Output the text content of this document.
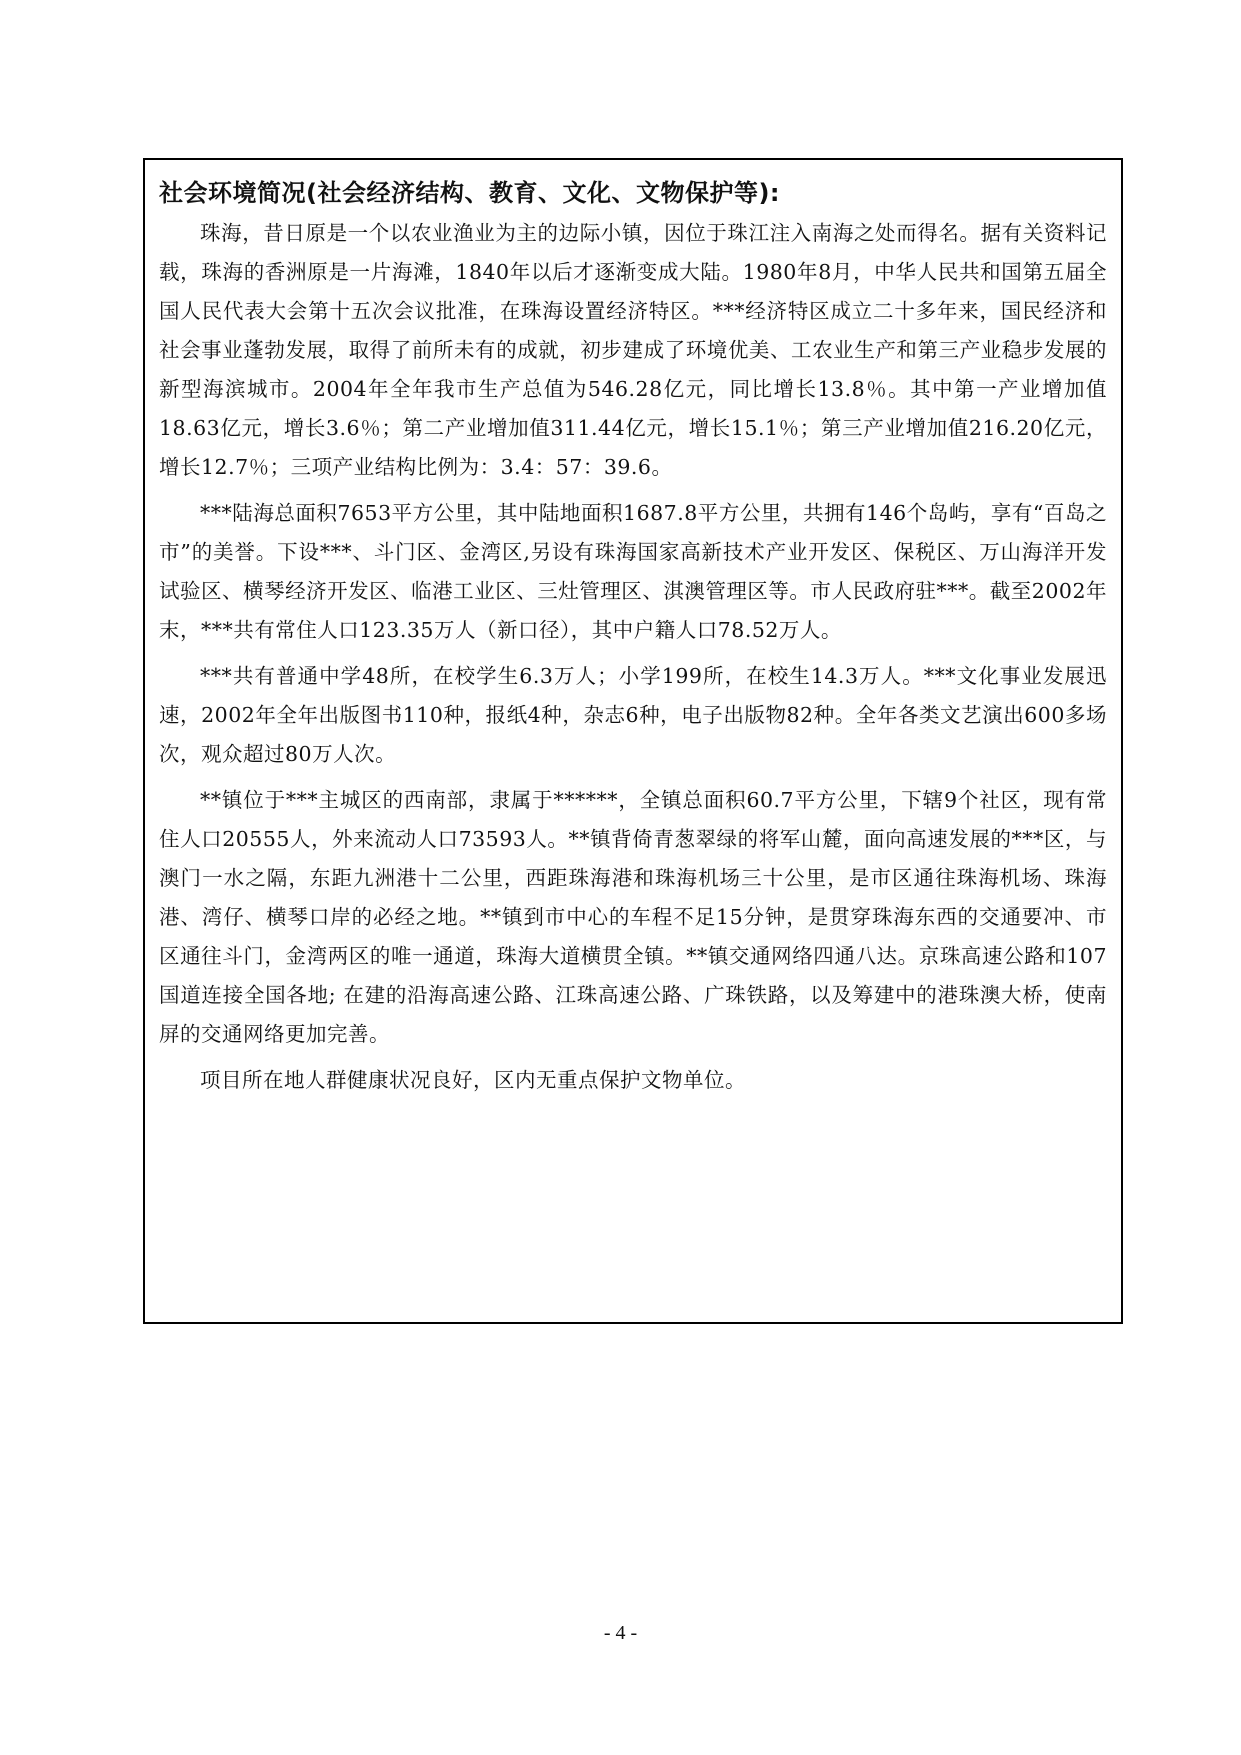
社会环境简况(社会经济结构、教育、文化、文物保护等):

珠海，昔日原是一个以农业渔业为主的边际小镇，因位于珠江注入南海之处而得名。据有关资料记载，珠海的香洲原是一片海滩，1840年以后才逐渐变成大陆。1980年8月，中华人民共和国第五届全国人民代表大会第十五次会议批准，在珠海设置经济特区。***经济特区成立二十多年来，国民经济和社会事业蓬勃发展，取得了前所未有的成就，初步建成了环境优美、工农业生产和第三产业稳步发展的新型海滨城市。2004年全年我市生产总值为546.28亿元，同比增长13.8％。其中第一产业增加值18.63亿元，增长3.6％；第二产业增加值311.44亿元，增长15.1％；第三产业增加值216.20亿元，增长12.7％；三项产业结构比例为：3.4：57：39.6。

***陆海总面积7653平方公里，其中陆地面积1687.8平方公里，共拥有146个岛屿，享有“百岛之市”的美誉。下设***、斗门区、金湾区,另设有珠海国家高新技术产业开发区、保税区、万山海洋开发试验区、横琴经济开发区、临港工业区、三灶管理区、淇澳管理区等。市人民政府驻***。截至2002年末，***共有常住人口123.35万人（新口径），其中户籍人口78.52万人。

***共有普通中学48所，在校学生6.3万人；小学199所，在校生14.3万人。***文化事业发展迅速，2002年全年出版图书110种，报纸4种，杂志6种，电子出版物82种。全年各类文艺演出600多场次，观众超过80万人次。

**镇位于***主城区的西南部，隶属于******，全镇总面积60.7平方公里，下辖9个社区，现有常住人口20555人，外来流动人口73593人。**镇背倚青葱翠绿的将军山麓，面向高速发展的***区，与澳门一水之隔，东距九洲港十二公里，西距珠海港和珠海机场三十公里，是市区通往珠海机场、珠海港、湾仔、横琴口岸的必经之地。**镇到市中心的车程不足15分钟，是贯穿珠海东西的交通要冲、市区通往斗门，金湾两区的唯一通道，珠海大道横贯全镇。**镇交通网络四通八达。京珠高速公路和107国道连接全国各地; 在建的沿海高速公路、江珠高速公路、广珠铁路，以及筹建中的港珠澳大桥，使南屏的交通网络更加完善。

项目所在地人群健康状况良好，区内无重点保护文物单位。

- 4 -
